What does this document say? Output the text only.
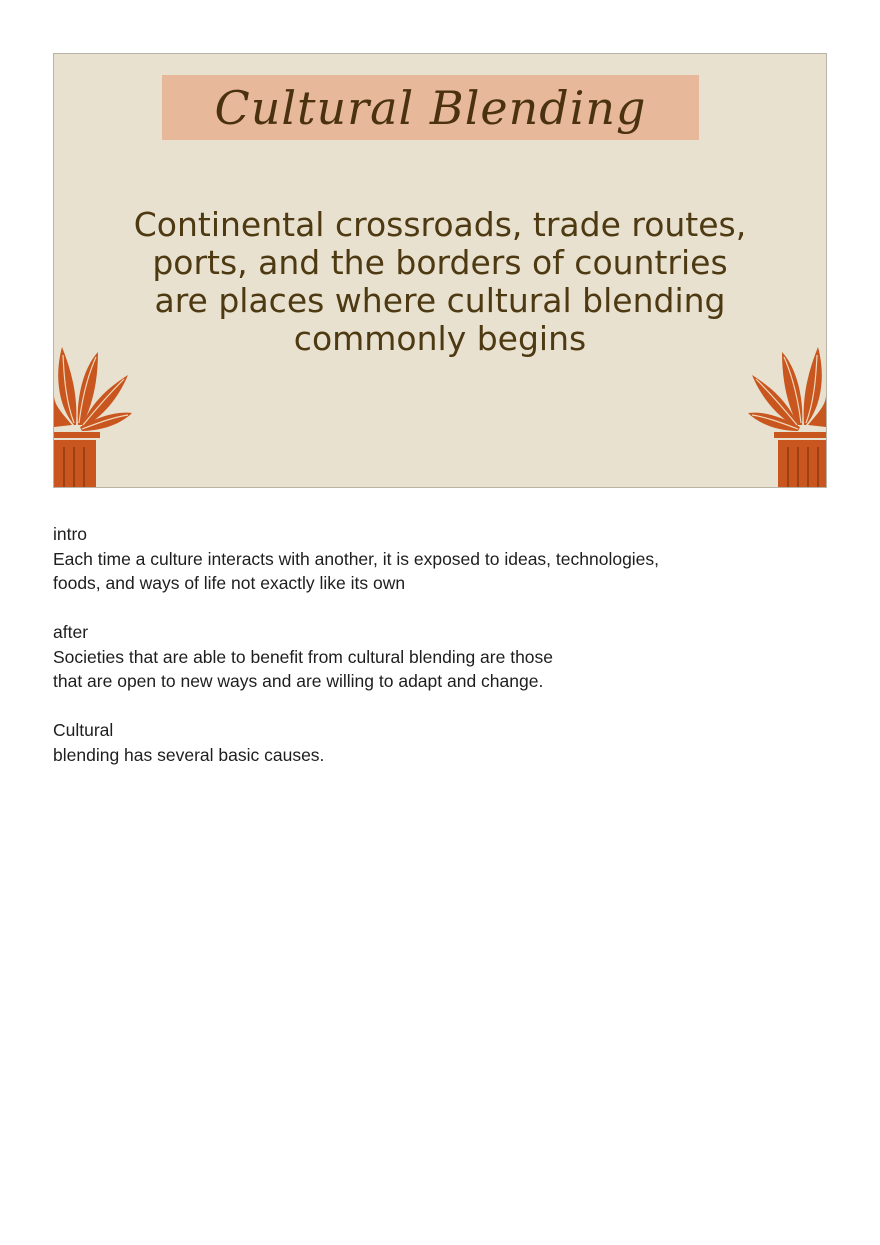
Cultural Blending
Continental crossroads, trade routes,
ports, and the borders of countries
are places where cultural blending
commonly begins

intro
Each time a culture interacts with another, it is exposed to ideas, technologies,
foods, and ways of life not exactly like its own

after
Societies that are able to benefit from cultural blending are those
that are open to new ways and are willing to adapt and change.

Cultural
blending has several basic causes.
